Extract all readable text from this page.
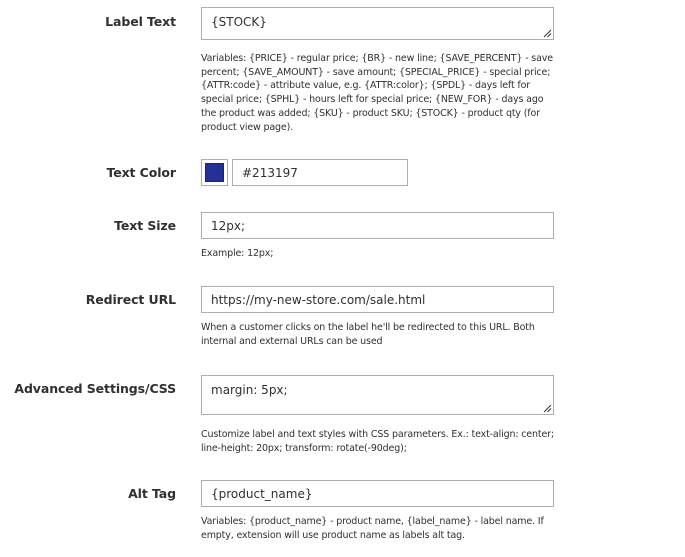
Label Text
{STOCK}
Variables: {PRICE} - regular price; {BR} - new line; {SAVE_PERCENT} - save percent; {SAVE_AMOUNT} - save amount; {SPECIAL_PRICE} - special price; {ATTR:code} - attribute value, e.g. {ATTR:color}; {SPDL} - days left for special price; {SPHL} - hours left for special price; {NEW_FOR} - days ago the product was added; {SKU} - product SKU; {STOCK} - product qty (for product view page).
Text Color
#213197
Text Size
12px;
Example: 12px;
Redirect URL
https://my-new-store.com/sale.html
When a customer clicks on the label he'll be redirected to this URL. Both internal and external URLs can be used
Advanced Settings/CSS
margin: 5px;
Customize label and text styles with CSS parameters. Ex.: text-align: center; line-height: 20px; transform: rotate(-90deg);
Alt Tag
{product_name}
Variables: {product_name} - product name, {label_name} - label name. If empty, extension will use product name as labels alt tag.
